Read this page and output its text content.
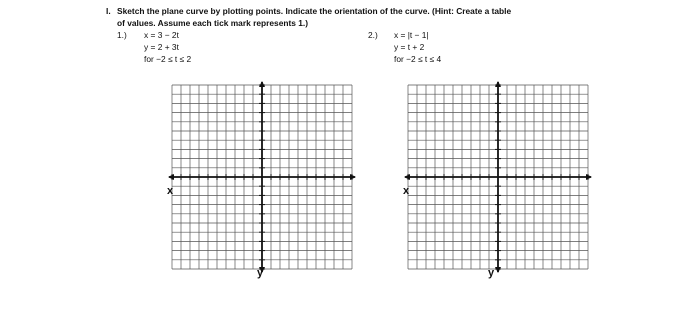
I. Sketch the plane curve by plotting points. Indicate the orientation of the curve. (Hint: Create a table
of values. Assume each tick mark represents 1.)
1.) x = 3 − 2t
y = 2 + 3t
for −2 ≤ t ≤ 2
2.) x = |t − 1|
y = t + 2
for −2 ≤ t ≤ 4
x
y
x
y
